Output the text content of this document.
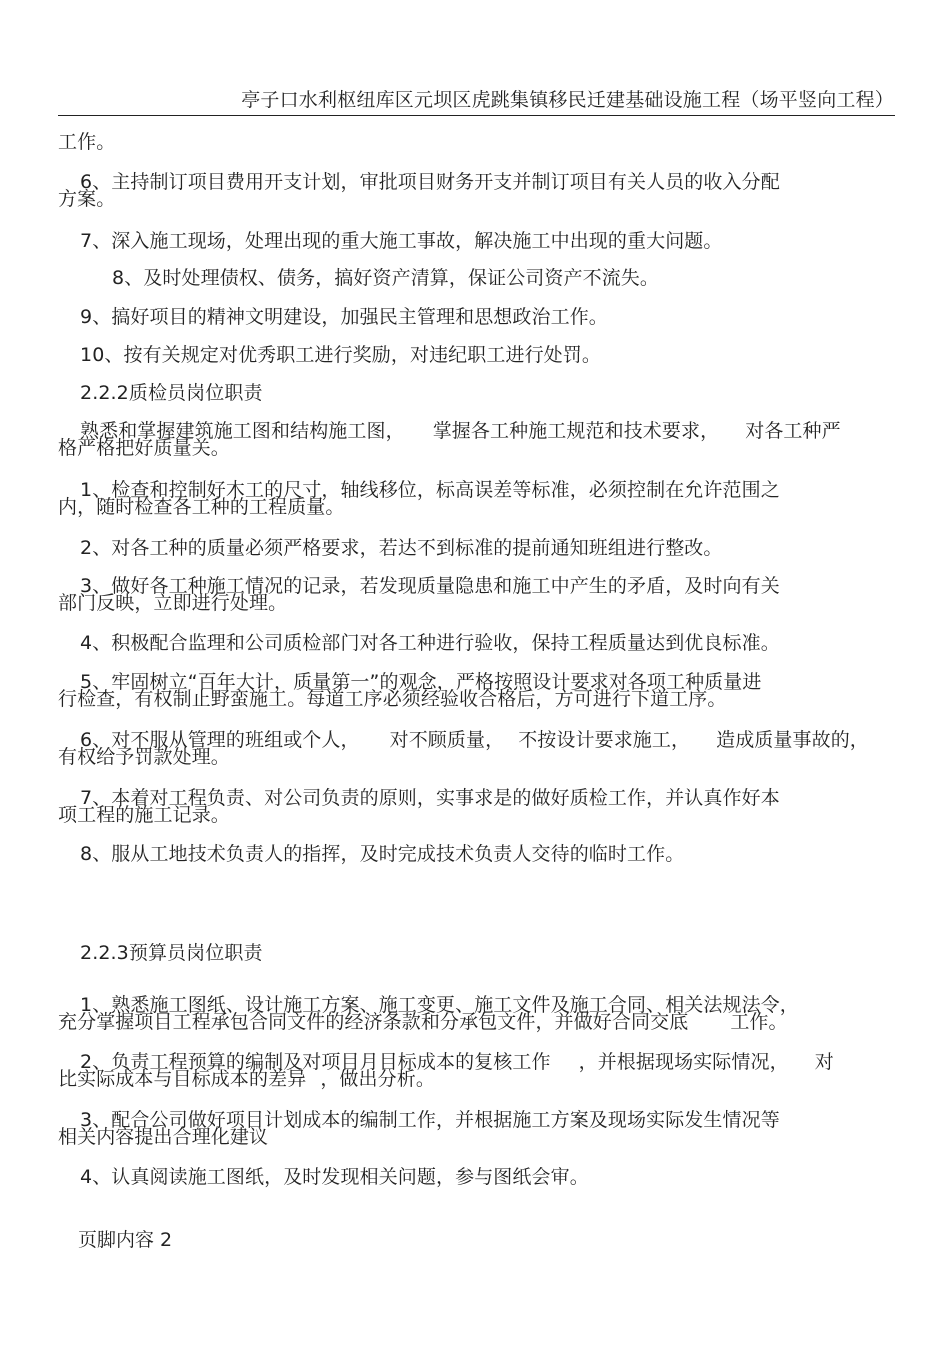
亭子口水利枢纽库区元坝区虎跳集镇移民迁建基础设施工程（场平竖向工程）
工作。
6、主持制订项目费用开支计划，审批项目财务开支并制订项目有关人员的收入分配
方案。
7、深入施工现场，处理出现的重大施工事故，解决施工中出现的重大问题。
8、及时处理债权、债务，搞好资产清算，保证公司资产不流失。
9、搞好项目的精神文明建设，加强民主管理和思想政治工作。
10、按有关规定对优秀职工进行奖励，对违纪职工进行处罚。
2.2.2质检员岗位职责
熟悉和掌握建筑施工图和结构施工图， 掌握各工种施工规范和技术要求， 对各工种严
格严格把好质量关。
1、检查和控制好木工的尺寸，轴线移位，标高误差等标准，必须控制在允许范围之
内，随时检查各工种的工程质量。
2、对各工种的质量必须严格要求，若达不到标准的提前通知班组进行整改。
3、做好各工种施工情况的记录，若发现质量隐患和施工中产生的矛盾，及时向有关
部门反映，立即进行处理。
4、积极配合监理和公司质检部门对各工种进行验收，保持工程质量达到优良标准。
5、牢固树立“百年大计，质量第一”的观念，严格按照设计要求对各项工种质量进
行检查，有权制止野蛮施工。每道工序必须经验收合格后，方可进行下道工序。
6、对不服从管理的班组或个人， 对不顾质量， 不按设计要求施工， 造成质量事故的，
有权给予罚款处理。
7、本着对工程负责、对公司负责的原则，实事求是的做好质检工作，并认真作好本
项工程的施工记录。
8、服从工地技术负责人的指挥，及时完成技术负责人交待的临时工作。
2.2.3预算员岗位职责
1、熟悉施工图纸、设计施工方案、施工变更、施工文件及施工合同、相关法规法令，
充分掌握项目工程承包合同文件的经济条款和分承包文件，并做好合同交底 工作。
2、负责工程预算的编制及对项目月目标成本的复核工作 ，并根据现场实际情况， 对
比实际成本与目标成本的差异 ，做出分析。
3、配合公司做好项目计划成本的编制工作，并根据施工方案及现场实际发生情况等
相关内容提出合理化建议
4、认真阅读施工图纸，及时发现相关问题，参与图纸会审。
页脚内容 2
